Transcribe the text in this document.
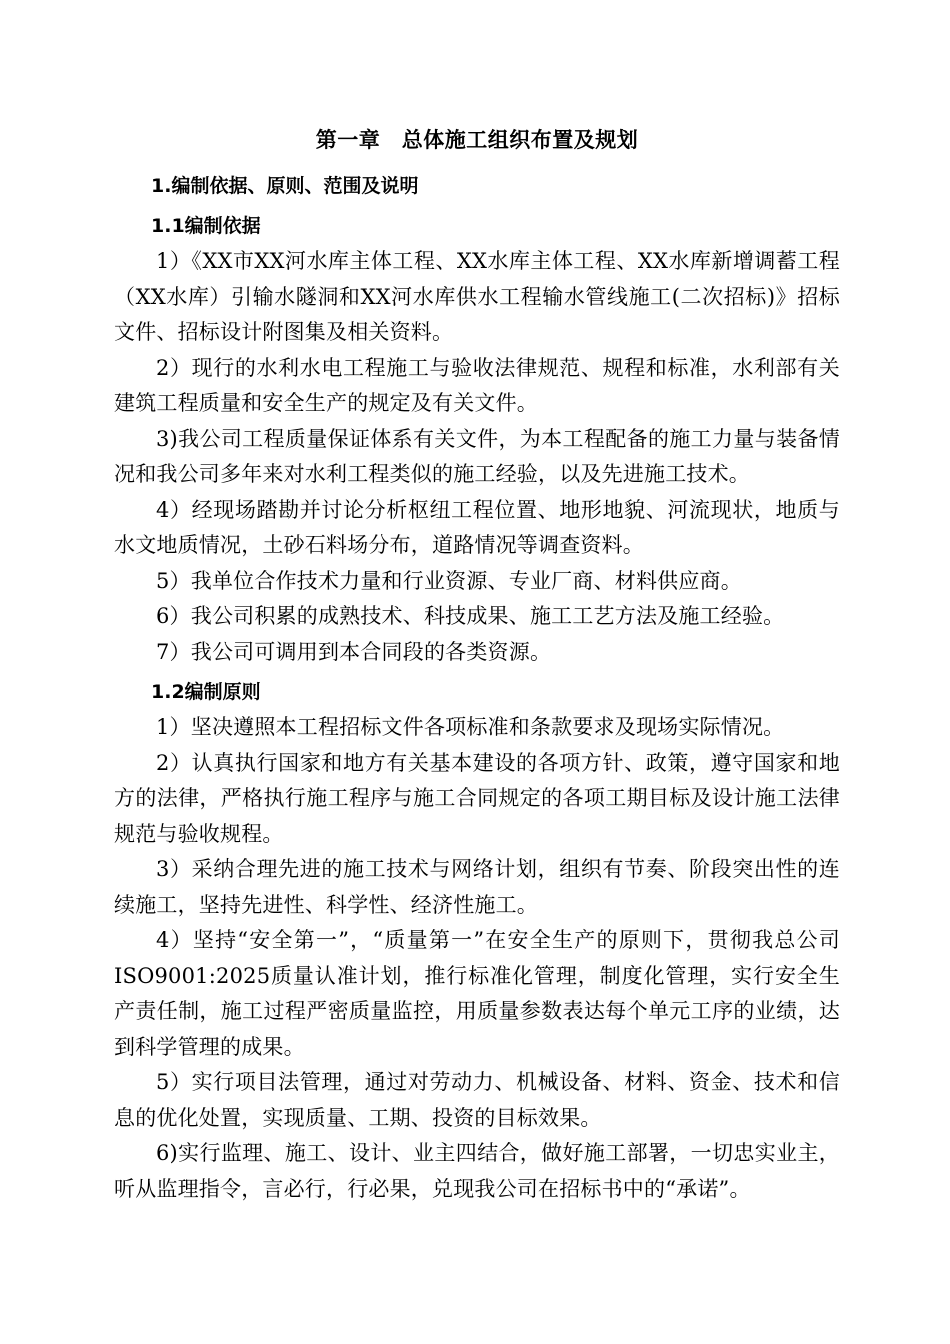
第一章　总体施工组织布置及规划
1.编制依据、原则、范围及说明
1.1编制依据

1）《XX市XX河水库主体工程、XX水库主体工程、XX水库新增调蓄工程（XX水库）引输水隧洞和XX河水库供水工程输水管线施工(二次招标)》招标文件、招标设计附图集及相关资料。

2）现行的水利水电工程施工与验收法律规范、规程和标准，水利部有关建筑工程质量和安全生产的规定及有关文件。

3)我公司工程质量保证体系有关文件，为本工程配备的施工力量与装备情况和我公司多年来对水利工程类似的施工经验，以及先进施工技术。

4）经现场踏勘并讨论分析枢纽工程位置、地形地貌、河流现状，地质与水文地质情况，土砂石料场分布，道路情况等调查资料。

5）我单位合作技术力量和行业资源、专业厂商、材料供应商。

6）我公司积累的成熟技术、科技成果、施工工艺方法及施工经验。

7）我公司可调用到本合同段的各类资源。

1.2编制原则

1）坚决遵照本工程招标文件各项标准和条款要求及现场实际情况。

2）认真执行国家和地方有关基本建设的各项方针、政策，遵守国家和地方的法律，严格执行施工程序与施工合同规定的各项工期目标及设计施工法律规范与验收规程。

3）采纳合理先进的施工技术与网络计划，组织有节奏、阶段突出性的连续施工，坚持先进性、科学性、经济性施工。

4）坚持“安全第一”，“质量第一”在安全生产的原则下，贯彻我总公司ISO9001:2025质量认准计划，推行标准化管理，制度化管理，实行安全生产责任制，施工过程严密质量监控，用质量参数表达每个单元工序的业绩，达到科学管理的成果。

5）实行项目法管理，通过对劳动力、机械设备、材料、资金、技术和信息的优化处置，实现质量、工期、投资的目标效果。

6)实行监理、施工、设计、业主四结合，做好施工部署，一切忠实业主，听从监理指令，言必行，行必果，兑现我公司在招标书中的“承诺”。
